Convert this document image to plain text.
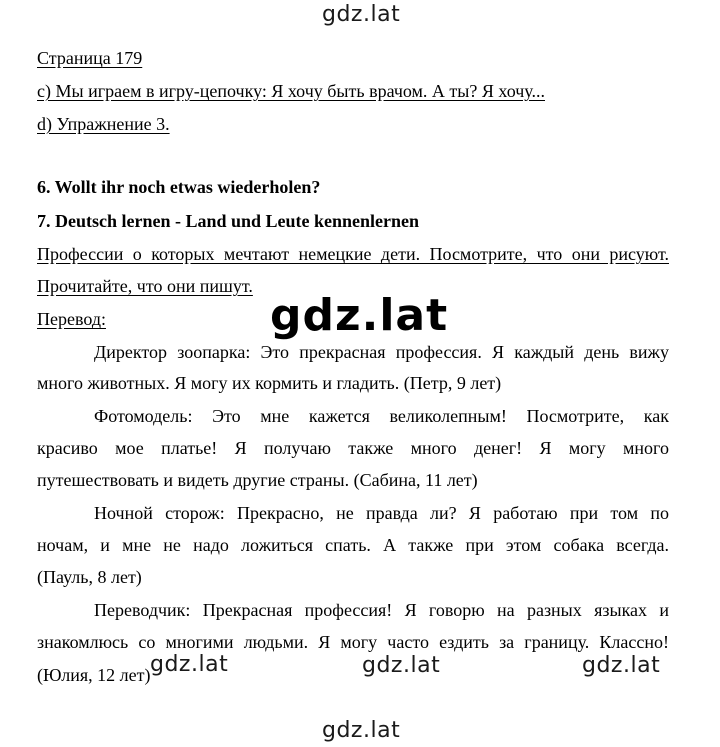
gdz.lat
gdz.lat
Страница 179
c) Мы играем в игру-цепочку: Я хочу быть врачом. А ты? Я хочу...
d) Упражнение 3.
6. Wollt ihr noch etwas wiederholen?
7. Deutsch lernen - Land und Leute kennenlernen
Профессии о которых мечтают немецкие дети. Посмотрите, что они рисуют.
Прочитайте, что они пишут.
Перевод:
Директор зоопарка: Это прекрасная профессия. Я каждый день вижу
много животных. Я могу их кормить и гладить. (Петр, 9 лет)
Фотомодель: Это мне кажется великолепным! Посмотрите, как
красиво мое платье! Я получаю также много денег! Я могу много
путешествовать и видеть другие страны. (Сабина, 11 лет)
Ночной сторож: Прекрасно, не правда ли? Я работаю при том по
ночам, и мне не надо ложиться спать. А также при этом собака всегда.
(Пауль, 8 лет)
Переводчик: Прекрасная профессия! Я говорю на разных языках и
знакомлюсь со многими людьми. Я могу часто ездить за границу. Классно!
(Юлия, 12 лет) gdz.lat	gdz.lat	gdz.lat
gdz.lat
